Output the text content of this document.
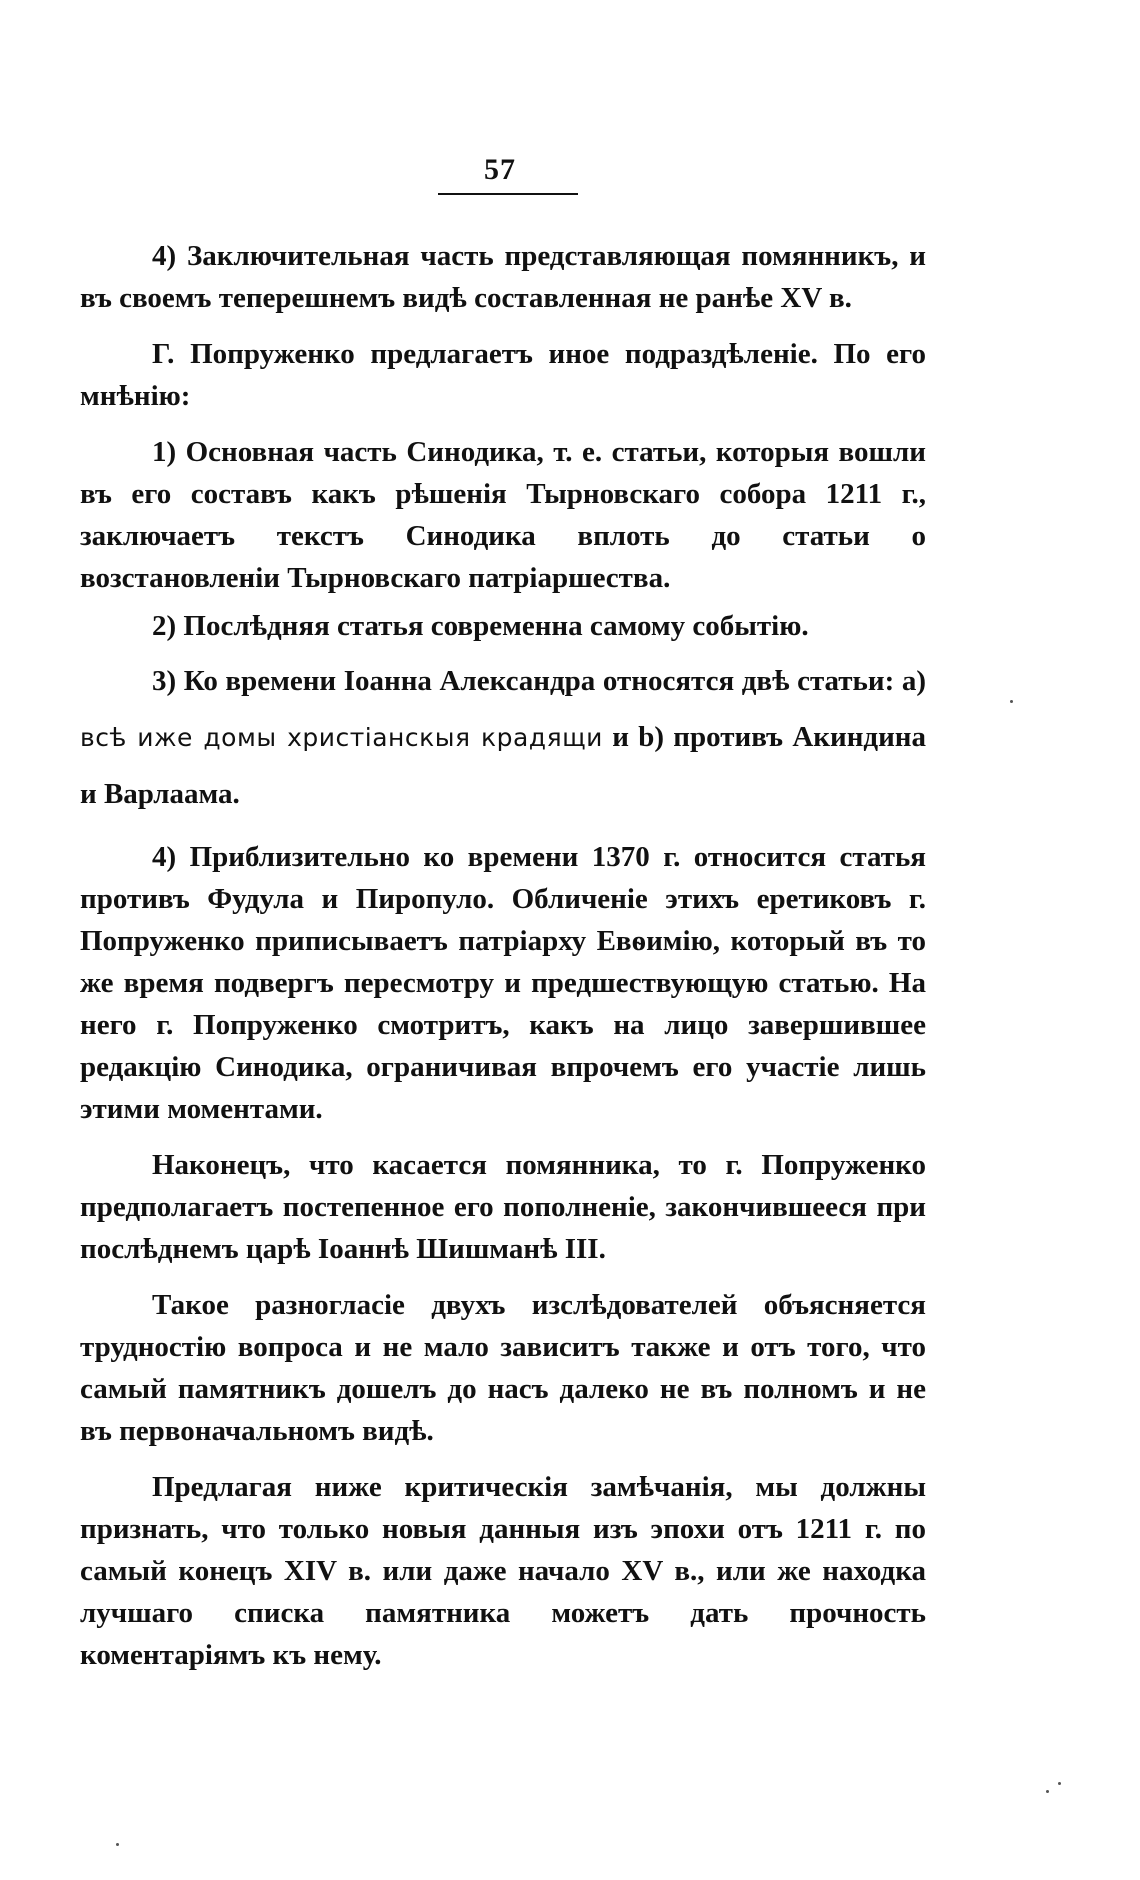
57

4) Заключительная часть представляющая помянникъ, и въ своемъ теперешнемъ видѣ составленная не ранѣе XV в.

Г. Попруженко предлагаетъ иное подраздѣленіе. По его мнѣнію:

1) Основная часть Синодика, т. е. статьи, которыя вошли въ его составъ какъ рѣшенія Тырновскаго собора 1211 г., заключаетъ текстъ Синодика вплоть до статьи о возстановленіи Тырновскаго патріаршества.

2) Послѣдняя статья современна самому событію.

3) Ко времени Іоанна Александра относятся двѣ статьи: а) всѣ иже домы христіанскыя крадящи и b) противъ Акиндина и Варлаама.

4) Приблизительно ко времени 1370 г. относится статья противъ Фудула и Пиропуло. Обличеніе этихъ еретиковъ г. Попруженко приписываетъ патріарху Евѳимію, который въ то же время подвергъ пересмотру и предшествующую статью. На него г. Попруженко смотритъ, какъ на лицо завершившее редакцію Синодика, ограничивая впрочемъ его участіе лишь этими моментами.

Наконецъ, что касается помянника, то г. Попруженко предполагаетъ постепенное его пополненіе, закончившееся при послѣднемъ царѣ Іоаннѣ Шишманѣ III.

Такое разногласіе двухъ изслѣдователей объясняется трудностію вопроса и не мало зависитъ также и отъ того, что самый памятникъ дошелъ до насъ далеко не въ полномъ и не въ первоначальномъ видѣ.

Предлагая ниже критическія замѣчанія, мы должны признать, что только новыя данныя изъ эпохи отъ 1211 г. по самый конецъ XIV в. или даже начало XV в., или же находка лучшаго списка памятника можетъ дать прочность коментаріямъ къ нему.
